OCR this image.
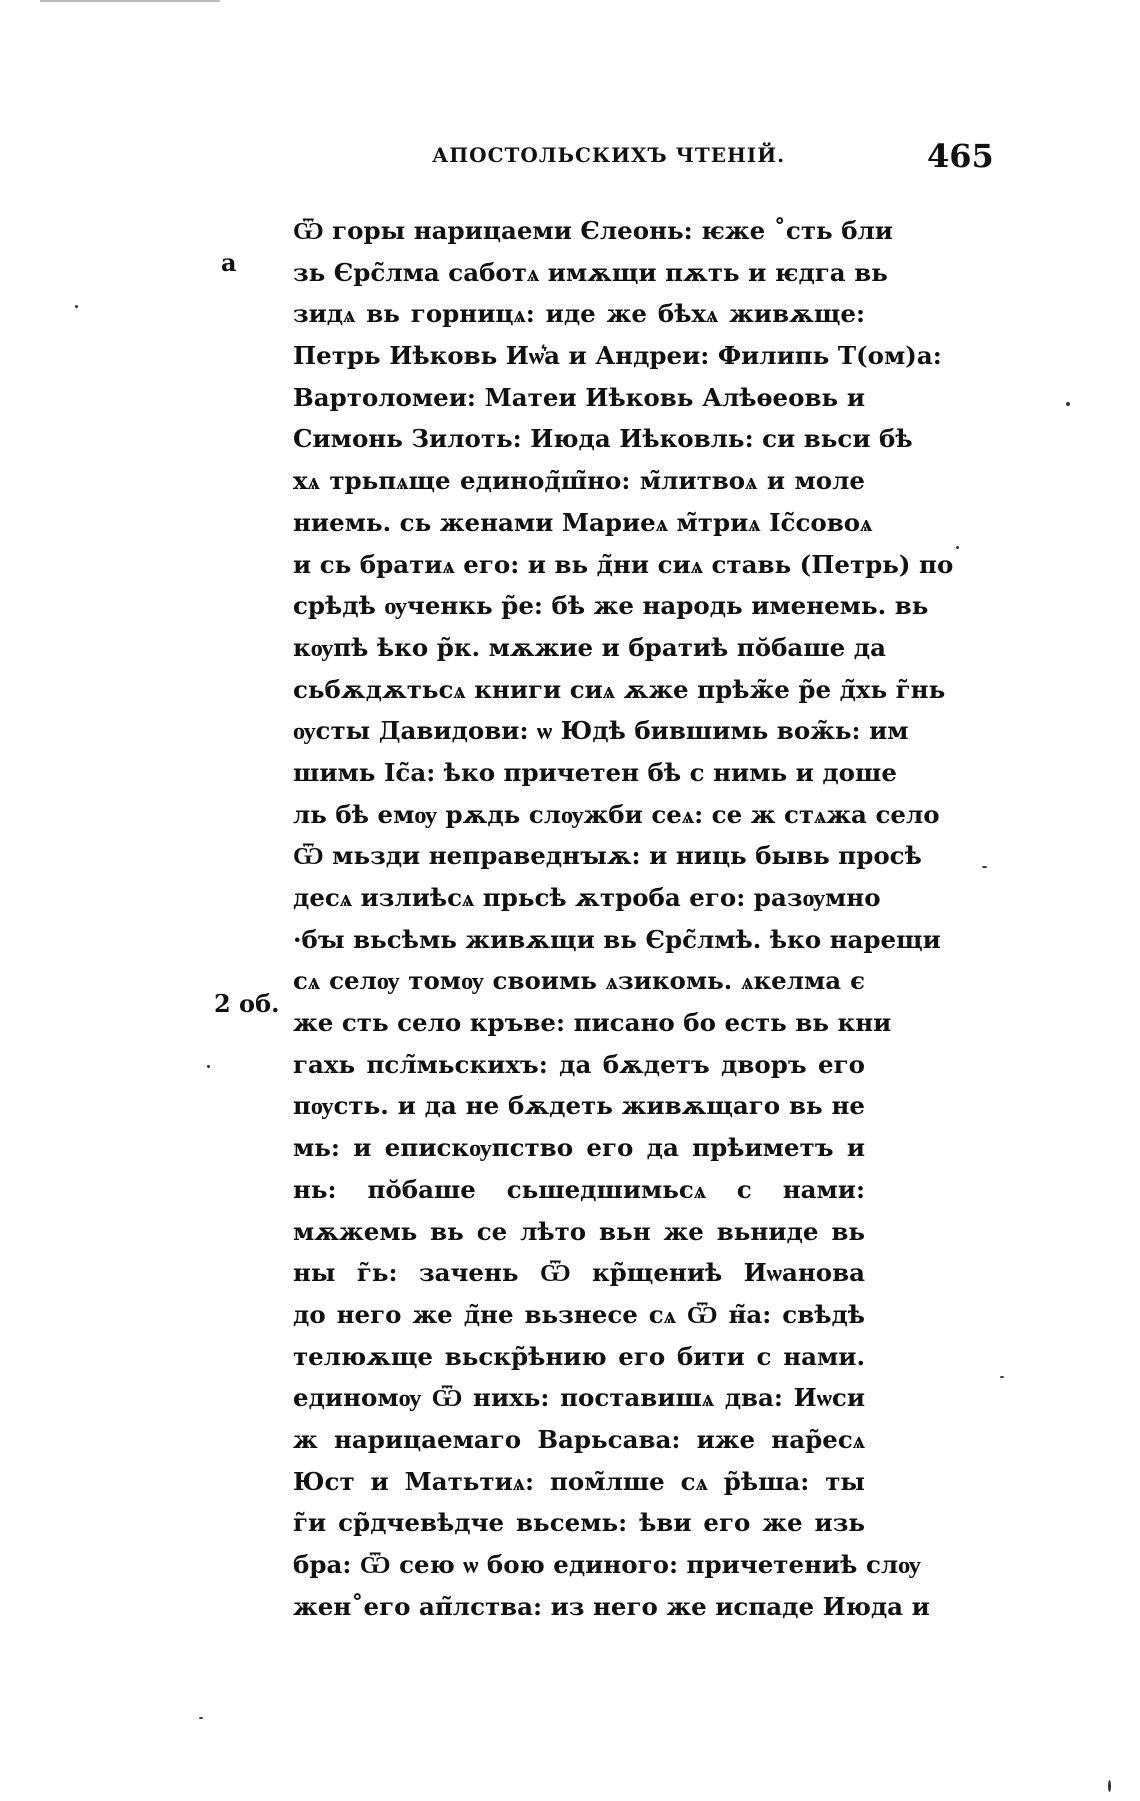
АПОСТОЛЬСКИХЪ ЧТЕНІЙ.	465
а
2 об.
Ѿ горы нарицаеми Єлеонь: ѥже ˚сть бли
зь Єрс̃лма саботѧ имѫщи пѫть и ѥдга вь
зидѧ вь горницѧ: иде же бѣхѧ живѫще:
Петрь Иѣковь Иѡ͛а и Андреи: Филипь Т(ом)а:
Вартоломеи: Матеи Иѣковь Алѣѳеовь и
Симонь Зилоть: Июда Иѣковль: си вьси бѣ
хѧ трьпѧще единод̃ш̃но: м̃литвоѧ и моле
ниемь. сь женами Мариеѧ м̃триѧ Іс̃совоѧ
и сь братиѧ его: и вь д̃ни сиѧ ставь (Петрь) по
срѣдѣ ѹченкь р̃е: бѣ же народь именемь. вь
кѹпѣ ѣко р̃к. мѫжие и братиѣ по̆баше да
сьбѫдѫтьсѧ книги сиѧ ѫже прѣж̃е р̃е д̃хь г̃нь
ѹсты Давидови: ѡ Юдѣ бившимь вож̃ь: им
шимь Іс̃а: ѣко причетен бѣ с нимь и доше
ль бѣ емѹ рѫдь слѹжби сеѧ: се ж стѧжа село
Ѿ мьзди неправеднꙑѫ: и ниць бывь просѣ
десѧ излиѣсѧ прьсѣ ѫтроба его: разѹмно
·бꙑ вьсѣмь живѫщи вь Єрс̃лмѣ. ѣко нарещи
сѧ селѹ томѹ своимь ѧзикомь. ѧкелма є
же сть село кръве: писано бо есть вь кни
гахь псл̃мьскихъ: да бѫдетъ дворъ его
пѹсть. и да не бѫдеть живѫщаго вь не
мь: и епискѹпство его да прѣиметъ и
нь: по̆баше сьшедшимьсѧ с нами:
мѫжемь вь се лѣто вьн же вьниде вь
ны г̃ь: зачень Ѿ кр̃щениѣ Иѡанова
до него же д̃не вьзнесе сѧ Ѿ н̃а: свѣдѣ
телюѫще вьскр̃ѣнию его бити с нами.
единомѹ Ѿ нихь: поставишѧ два: Иѡси
ж нарицаемаго Варьсава: иже нар̃еcѧ
Юст и Матьтиѧ: пом̃лше сѧ р̃ѣша: ты
г̃и ср̃дчевѣдче вьсемь: ѣви его же изь
бра: Ѿ сею ѡ бою единого: причетениѣ слѹ
жен˚его ап̃лства: из него же испаде Июда и
